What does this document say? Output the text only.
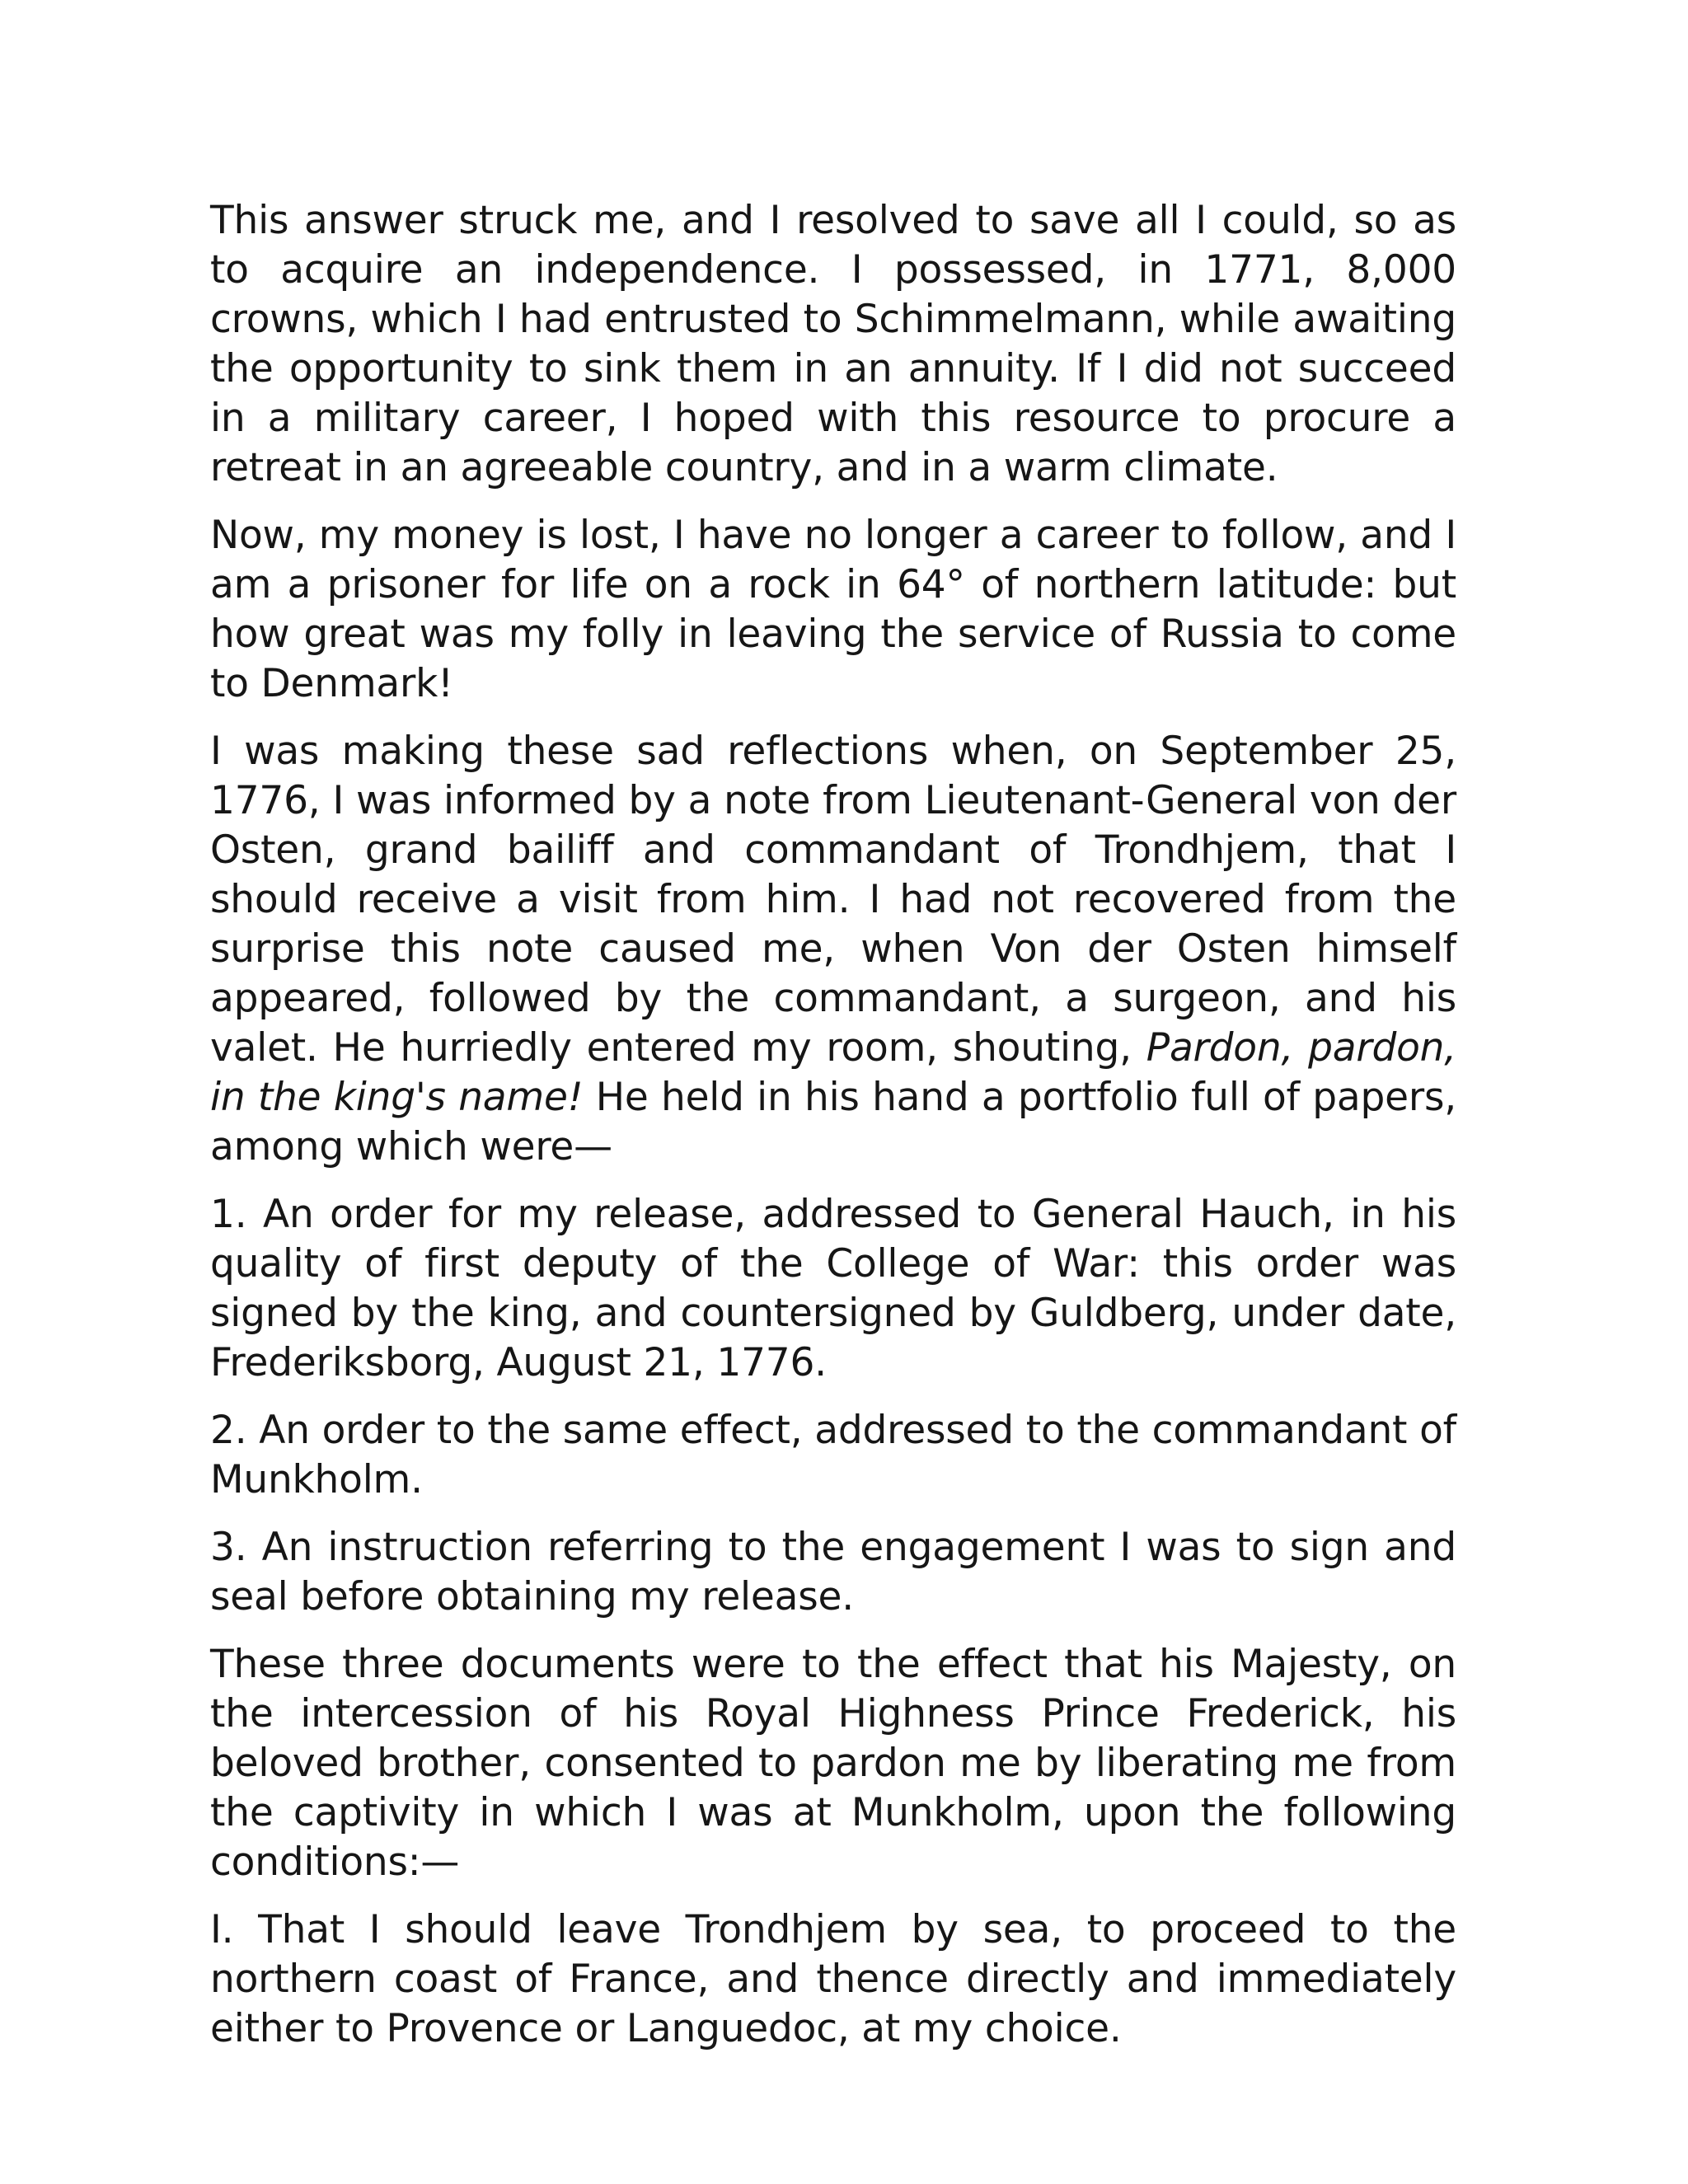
This answer struck me, and I resolved to save all I could, so as to acquire an independence. I possessed, in 1771, 8,000 crowns, which I had entrusted to Schimmelmann, while awaiting the opportunity to sink them in an annuity. If I did not succeed in a military career, I hoped with this resource to procure a retreat in an agreeable country, and in a warm climate.

Now, my money is lost, I have no longer a career to follow, and I am a prisoner for life on a rock in 64° of northern latitude: but how great was my folly in leaving the service of Russia to come to Denmark!

I was making these sad reflections when, on September 25, 1776, I was informed by a note from Lieutenant-General von der Osten, grand bailiff and commandant of Trondhjem, that I should receive a visit from him. I had not recovered from the surprise this note caused me, when Von der Osten himself appeared, followed by the commandant, a surgeon, and his valet. He hurriedly entered my room, shouting, Pardon, pardon, in the king's name! He held in his hand a portfolio full of papers, among which were—

1. An order for my release, addressed to General Hauch, in his quality of first deputy of the College of War: this order was signed by the king, and countersigned by Guldberg, under date, Frederiksborg, August 21, 1776.

2. An order to the same effect, addressed to the commandant of Munkholm.

3. An instruction referring to the engagement I was to sign and seal before obtaining my release.

These three documents were to the effect that his Majesty, on the intercession of his Royal Highness Prince Frederick, his beloved brother, consented to pardon me by liberating me from the captivity in which I was at Munkholm, upon the following conditions:—

I. That I should leave Trondhjem by sea, to proceed to the northern coast of France, and thence directly and immediately either to Provence or Languedoc, at my choice.
